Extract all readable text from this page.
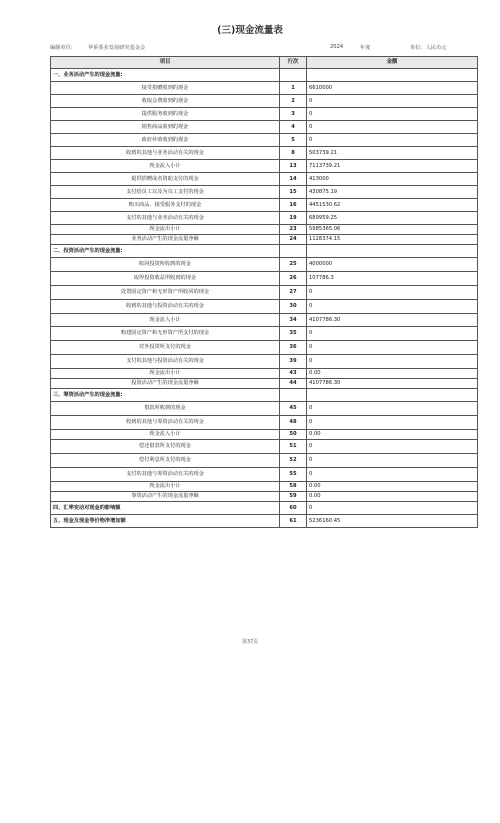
(三)现金流量表
编制单位:	华侨茶业发展研究基金会	2024	年度	单位：人民币元
项目	行次	金额
一、业务活动产生的现金流量:		
接受捐赠收到的现金	1	6610000
收取会费收到的现金	2	0
提供服务收到的现金	3	0
销售商品收到的现金	4	0
政府补助收到的现金	5	0
收到的其他与业务活动有关的现金	8	503739.21
现金流入小计	13	7113739.21
提供捐赠或者资助支付的现金	14	413000
支付给员工以及为员工支付的现金	15	430875.19
购买商品、接受服务支付的现金	16	4451530.62
支付的其他与业务活动有关的现金	19	689959.25
现金流出小计	23	5985365.06
业务活动产生的现金流量净额	24	1128374.15
二、投资活动产生的现金流量:		
收回投资所收到的现金	25	4000000
取得投资收益所收到的现金	26	107786.3
处置固定资产和无形资产所收回的现金	27	0
收到的其他与投资活动有关的现金	30	0
现金流入小计	34	4107786.30
购建固定资产和无形资产所支付的现金	35	0
对外投资所支付的现金	36	0
支付的其他与投资活动有关的现金	39	0
现金流出小计	43	0.00
投资活动产生的现金流量净额	44	4107786.30
三、筹资活动产生的现金流量:		
借款所收到的现金	45	0
收到的其他与筹资活动有关的现金	48	0
现金流入小计	50	0.00
偿还借款所支付的现金	51	0
偿付利息所支付的现金	52	0
支付的其他与筹资活动有关的现金	55	0
现金流出小计	58	0.00
筹资活动产生的现金流量净额	59	0.00
四、汇率变动对现金的影响额	60	0
五、现金及现金等价物净增加额	61	5236160.45
第37页
